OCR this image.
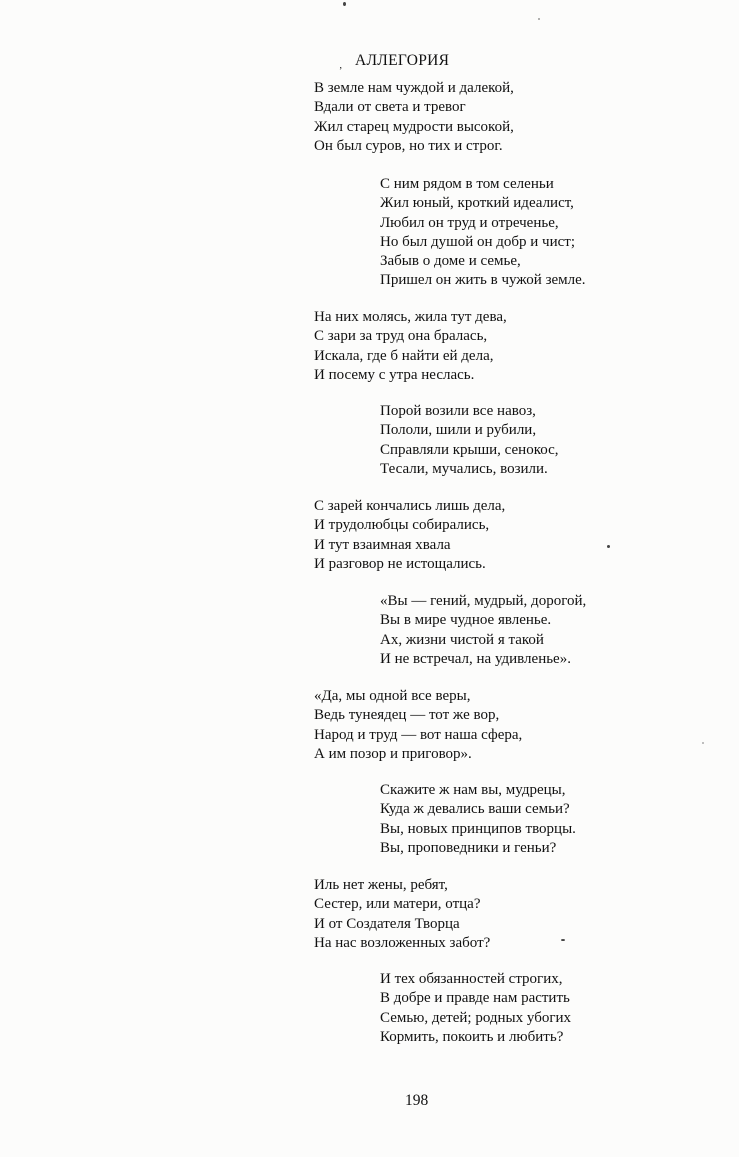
‚ АЛЛЕГОРИЯ
В земле нам чуждой и далекой,
Вдали от света и тревог
Жил старец мудрости высокой,
Он был суров, но тих и строг.
С ним рядом в том селеньи
Жил юный, кроткий идеалист,
Любил он труд и отреченье,
Но был душой он добр и чист;
Забыв о доме и семье,
Пришел он жить в чужой земле.
На них молясь, жила тут дева,
С зари за труд она бралась,
Искала, где б найти ей дела,
И посему с утра неслась.
Порой возили все навоз,
Пололи, шили и рубили,
Справляли крыши, сенокос,
Тесали, мучались, возили.
С зарей кончались лишь дела,
И трудолюбцы собирались,
И тут взаимная хвала
И разговор не истощались.
«Вы — гений, мудрый, дорогой,
Вы в мире чудное явленье.
Ах, жизни чистой я такой
И не встречал, на удивленье».
«Да, мы одной все веры,
Ведь тунеядец — тот же вор,
Народ и труд — вот наша сфера,
А им позор и приговор».
Скажите ж нам вы, мудрецы,
Куда ж девались ваши семьи?
Вы, новых принципов творцы.
Вы, проповедники и геньи?
Иль нет жены, ребят,
Сестер, или матери, отца?
И от Создателя Творца
На нас возложенных забот?
И тех обязанностей строгих,
В добре и правде нам растить
Семью, детей; родных убогих
Кормить, покоить и любить?
198
